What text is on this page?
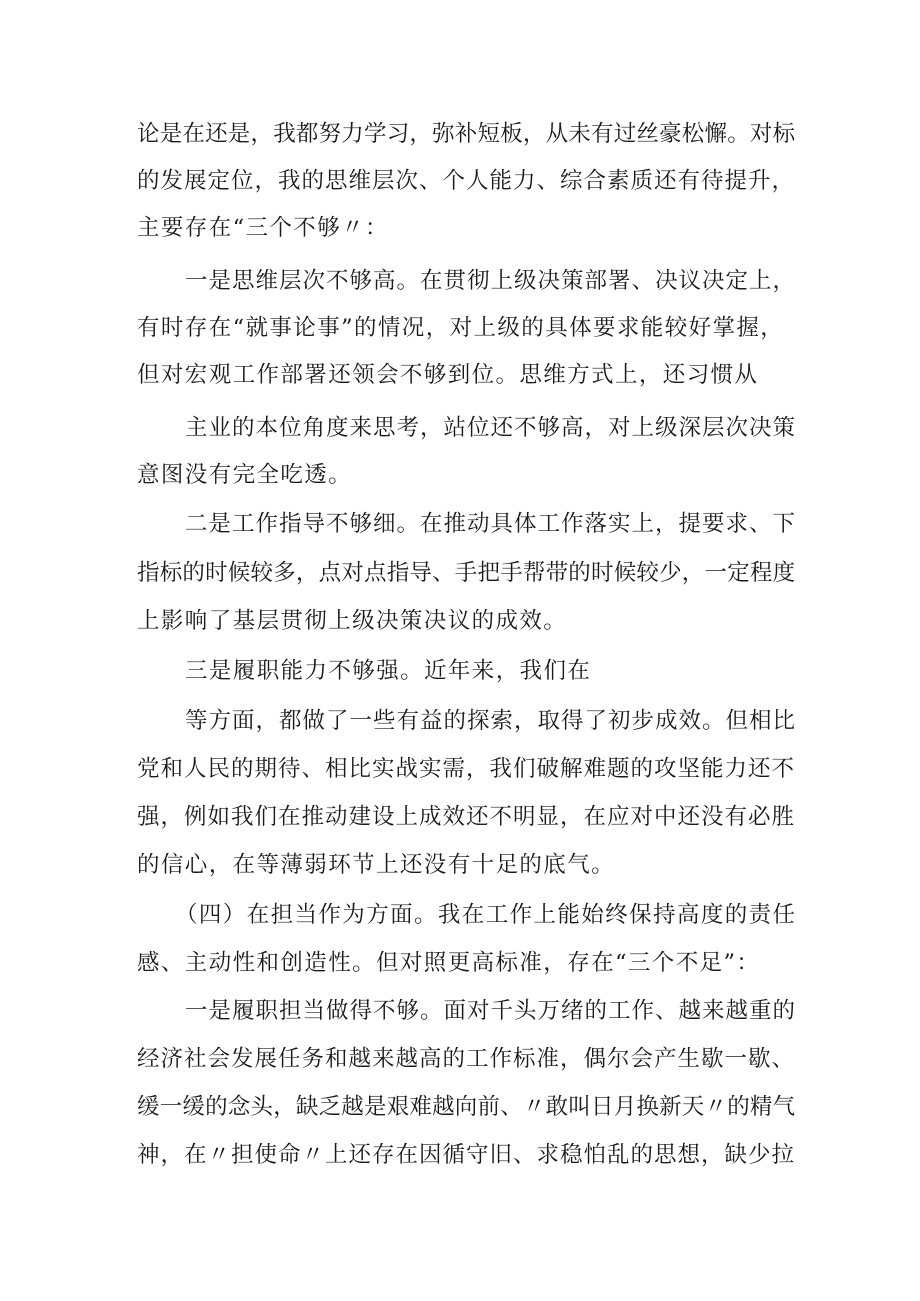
论是在还是，我都努力学习，弥补短板，从未有过丝豪松懈。对标
的发展定位，我的思维层次、个人能力、综合素质还有待提升，
主要存在“三个不够〃：
一是思维层次不够高。在贯彻上级决策部署、决议决定上，
有时存在“就事论事”的情况，对上级的具体要求能较好掌握，
但对宏观工作部署还领会不够到位。思维方式上，还习惯从
主业的本位角度来思考，站位还不够高，对上级深层次决策
意图没有完全吃透。
二是工作指导不够细。在推动具体工作落实上，提要求、下
指标的时候较多，点对点指导、手把手帮带的时候较少，一定程度
上影响了基层贯彻上级决策决议的成效。
三是履职能力不够强。近年来，我们在
等方面，都做了一些有益的探索，取得了初步成效。但相比
党和人民的期待、相比实战实需，我们破解难题的攻坚能力还不
强，例如我们在推动建设上成效还不明显，在应对中还没有必胜
的信心，在等薄弱环节上还没有十足的底气。
（四）在担当作为方面。我在工作上能始终保持高度的责任
感、主动性和创造性。但对照更高标准，存在“三个不足”：
一是履职担当做得不够。面对千头万绪的工作、越来越重的
经济社会发展任务和越来越高的工作标准，偶尔会产生歇一歇、
缓一缓的念头，缺乏越是艰难越向前、〃敢叫日月换新天〃的精气
神，在〃担使命〃上还存在因循守旧、求稳怕乱的思想，缺少拉
